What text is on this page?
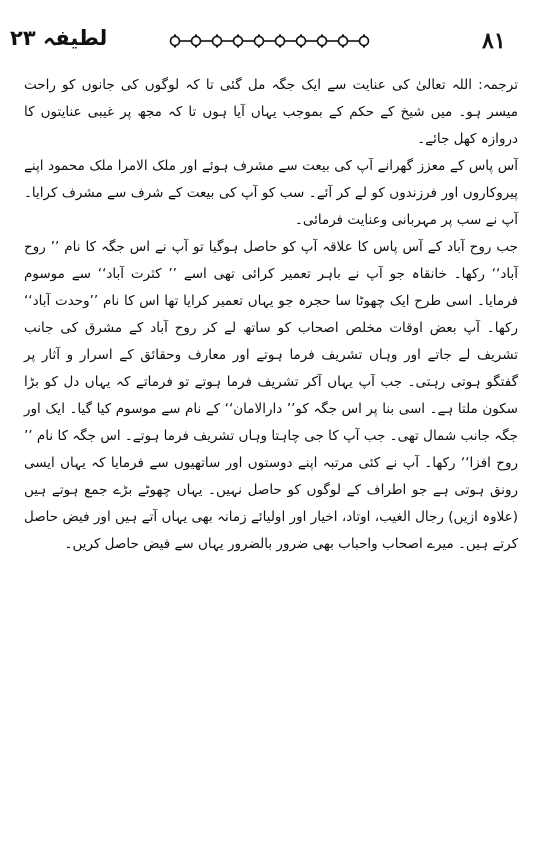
۸۱
لطیفہ ۲۳

ترجمہ: اللہ تعالیٰ کی عنایت سے ایک جگہ مل گئی تا کہ لوگوں کی جانوں کو راحت میسر ہو۔ میں شیخ کے حکم کے بموجب یہاں آیا ہوں تا کہ مجھ پر غیبی عنایتوں کا دروازہ کھل جائے۔

آس پاس کے معزز گھرانے آپ کی بیعت سے مشرف ہوئے اور ملک الامرا ملک محمود اپنے پیروکاروں اور فرزندوں کو لے کر آئے۔ سب کو آپ کی بیعت کے شرف سے مشرف کرایا۔ آپ نے سب پر مہربانی وعنایت فرمائی۔

جب روح آباد کے آس پاس کا علاقہ آپ کو حاصل ہوگیا تو آپ نے اس جگہ کا نام ’’ روح آباد‘‘ رکھا۔ خانقاہ جو آپ نے باہر تعمیر کرائی تھی اسے ’’ کثرت آباد‘‘ سے موسوم فرمایا۔ اسی طرح ایک چھوٹا سا حجرہ جو یہاں تعمیر کرایا تھا اس کا نام ’’وحدت آباد‘‘ رکھا۔ آپ بعض اوقات مخلص اصحاب کو ساتھ لے کر روح آباد کے مشرق کی جانب تشریف لے جاتے اور وہاں تشریف فرما ہوتے اور معارف وحقائق کے اسرار و آثار پر گفتگو ہوتی رہتی۔ جب آپ یہاں آکر تشریف فرما ہوتے تو فرماتے کہ یہاں دل کو بڑا سکون ملتا ہے۔ اسی بنا پر اس جگہ کو’’ دارالامان‘‘ کے نام سے موسوم کیا گیا۔ ایک اور جگہ جانب شمال تھی۔ جب آپ کا جی چاہتا وہاں تشریف فرما ہوتے۔ اس جگہ کا نام ’’ روح افزا‘‘ رکھا۔ آپ نے کئی مرتبہ اپنے دوستوں اور ساتھیوں سے فرمایا کہ یہاں ایسی رونق ہوتی ہے جو اطراف کے لوگوں کو حاصل نہیں۔ یہاں چھوٹے بڑے جمع ہوتے ہیں (علاوہ ازیں) رجال الغیب، اوتاد، اخیار اور اولیائے زمانہ بھی یہاں آتے ہیں اور فیض حاصل کرتے ہیں۔ میرے اصحاب واحباب بھی ضرور بالضرور یہاں سے فیض حاصل کریں۔
